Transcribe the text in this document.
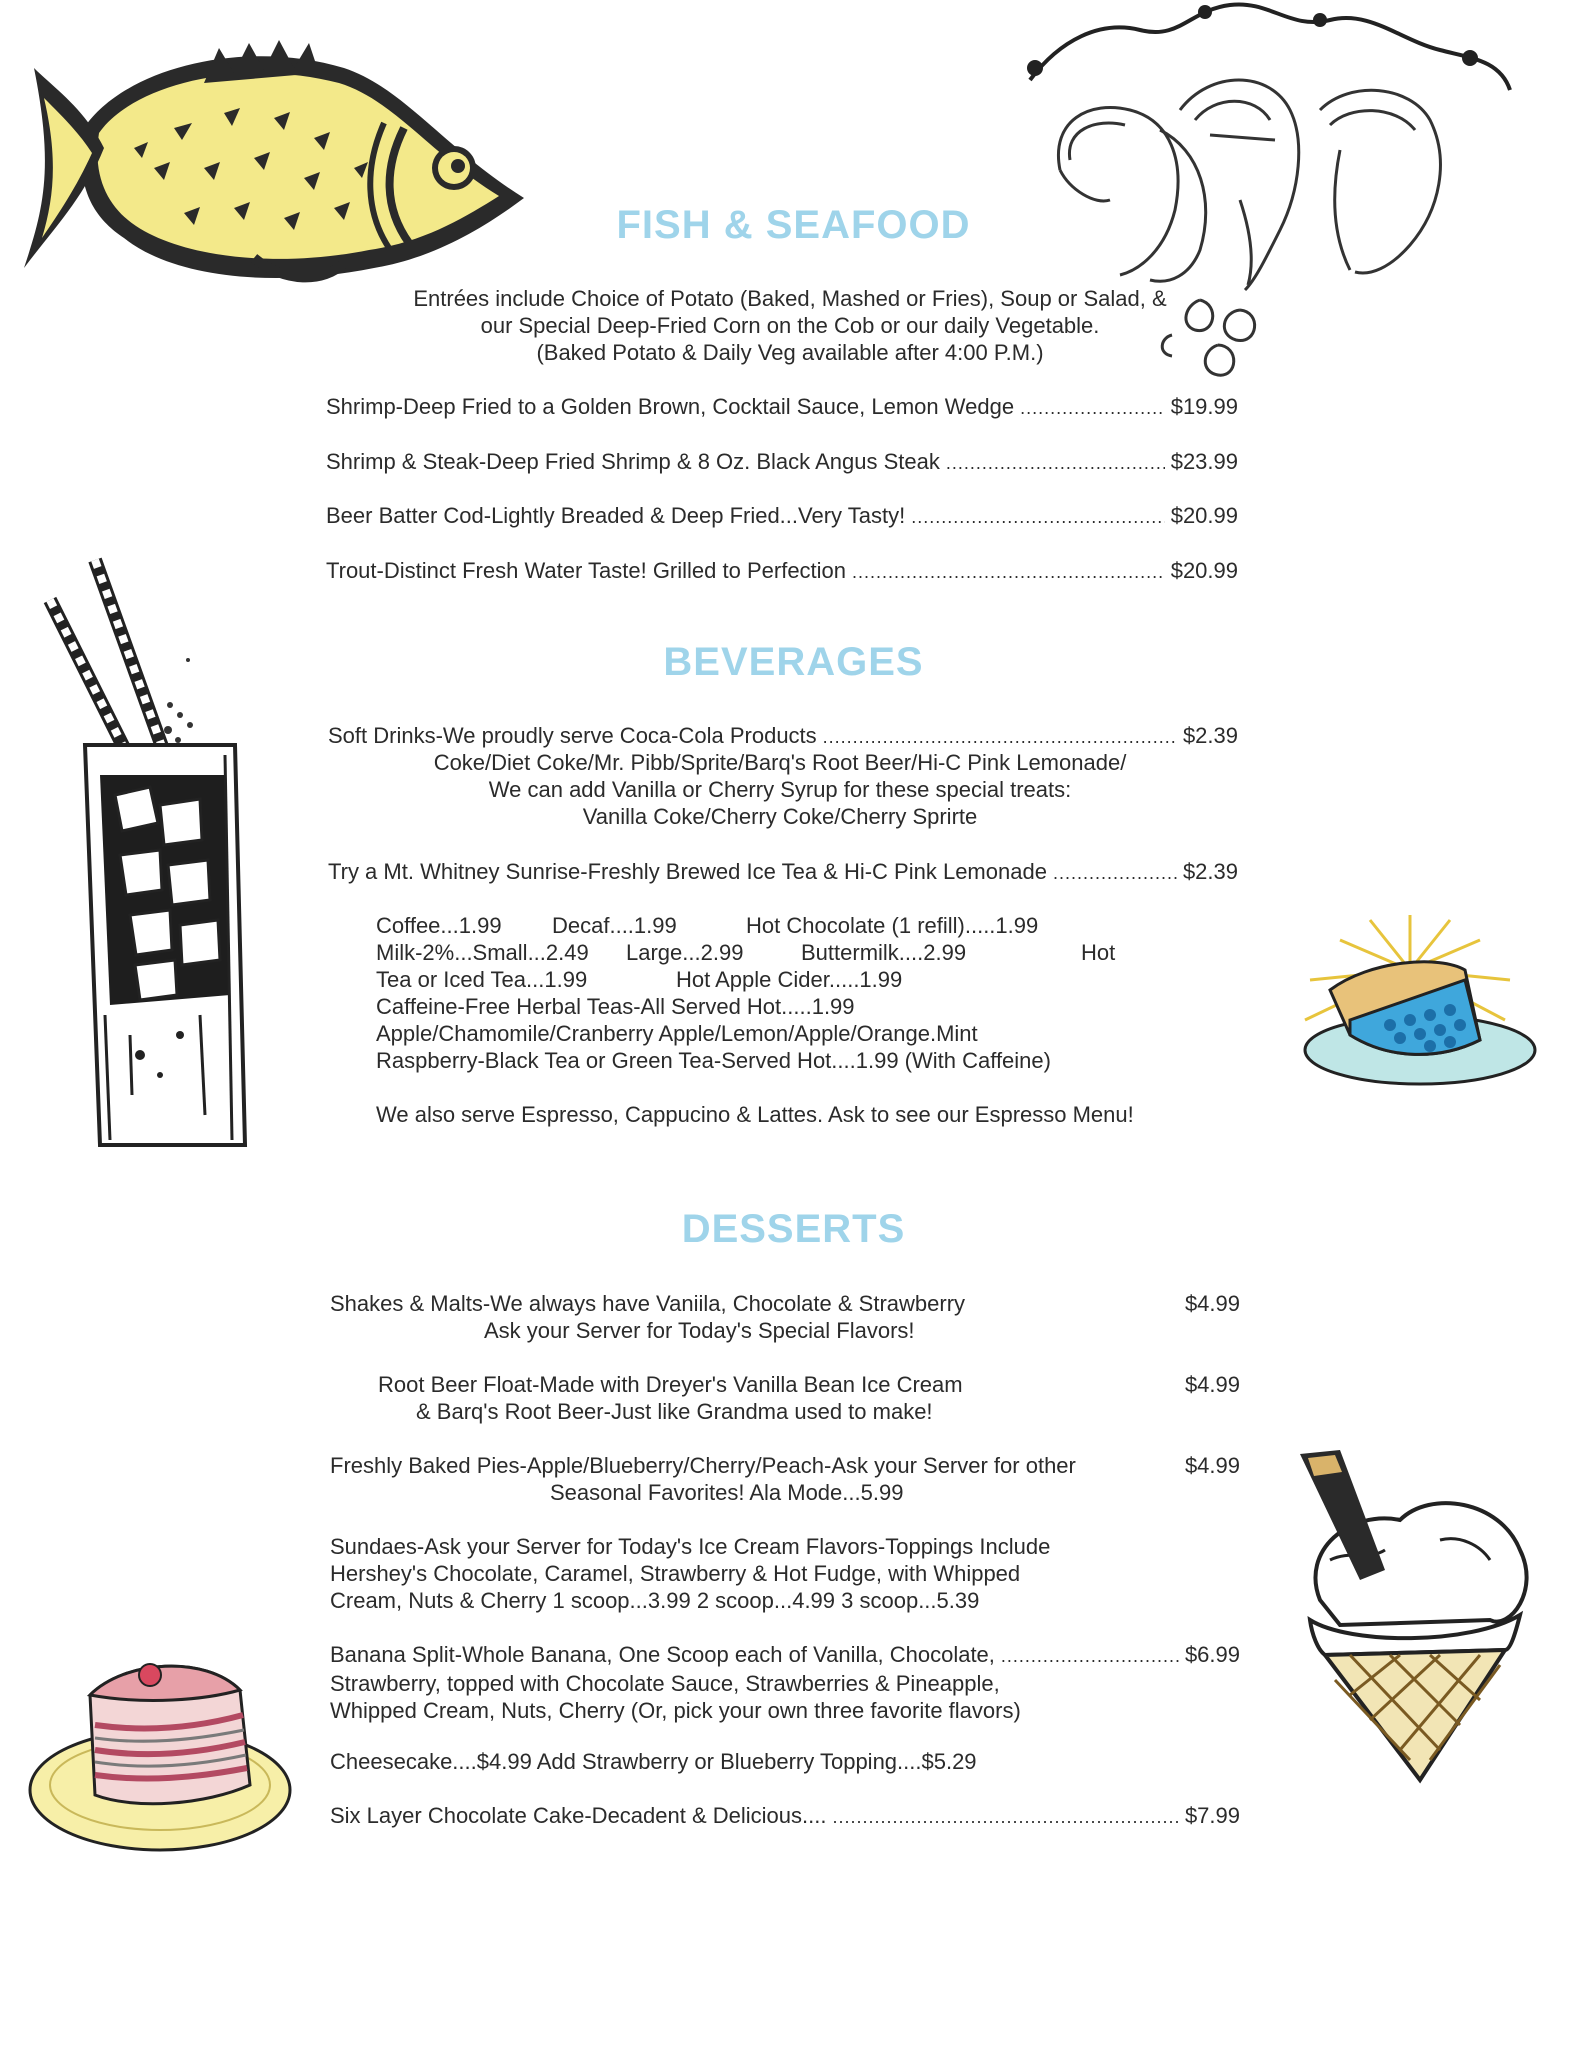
FISH & SEAFOOD
Entrées include Choice of Potato (Baked, Mashed or Fries), Soup or Salad, &
our Special Deep-Fried Corn on the Cob or our daily Vegetable.
(Baked Potato & Daily Veg available after 4:00 P.M.)
Shrimp-Deep Fried to a Golden Brown, Cocktail Sauce, Lemon Wedge .....	$19.99
Shrimp & Steak-Deep Fried Shrimp & 8 Oz. Black Angus Steak .....	$23.99
Beer Batter Cod-Lightly Breaded & Deep Fried...Very Tasty! .....	$20.99
Trout-Distinct Fresh Water Taste! Grilled to Perfection .....	$20.99
BEVERAGES
Soft Drinks-We proudly serve Coca-Cola Products .....	$2.39
Coke/Diet Coke/Mr. Pibb/Sprite/Barq's Root Beer/Hi-C Pink Lemonade/
We can add Vanilla or Cherry Syrup for these special treats:
Vanilla Coke/Cherry Coke/Cherry Spri​rte
Try a Mt. Whitney Sunrise-Freshly Brewed Ice Tea & Hi-C Pink Lemonade .....	$2.39
Coffee...1.99 Decaf....1.99	Hot Chocolate (1 refill).....1.99
Milk-2%...Small...2.49 Large...2.99	Buttermilk....2.99	Hot
Tea or Iced Tea...1.99	Hot Apple Cider.....1.99
Caffeine-Free Herbal Teas-All Served Hot.....1.99
Apple/Chamomile/Cranberry Apple/Lemon/Apple/Orange.Mint
Raspberry-Black Tea or Green Tea-Served Hot....1.99 (With Caffeine)
We also serve Espresso, Cappucino & Lattes. Ask to see our Espresso Menu!
DESSERTS
Shakes & Malts-We always have Vaniila, Chocolate & Strawberry	$4.99
Ask your Server for Today's Special Flavors!
Root Beer Float-Made with Dreyer's Vanilla Bean Ice Cream	$4.99
& Barq's Root Beer-Just like Grandma used to make!
Freshly Baked Pies-Apple/Blueberry/Cherry/Peach-Ask your Server for other	$4.99
Seasonal Favorites! Ala Mode...5.99
Sundaes-Ask your Server for Today's Ice Cream Flavors-Toppings Include
Hershey's Chocolate, Caramel, Strawberry & Hot Fudge, with Whipped
Cream, Nuts & Cherry 1 scoop...3.99 2 scoop...4.99 3 scoop...5.39
Banana Split-Whole Banana, One Scoop each of Vanilla, Chocolate, .....	$6.99
Strawberry, topped with Chocolate Sauce, Strawberries & Pineapple,
Whipped Cream, Nuts, Cherry (Or, pick your own three favorite flavors)
Cheesecake....$4.99 Add Strawberry or Blueberry Topping....$5.29
Six Layer Chocolate Cake-Decadent & Delicious.... .....	$7.99
